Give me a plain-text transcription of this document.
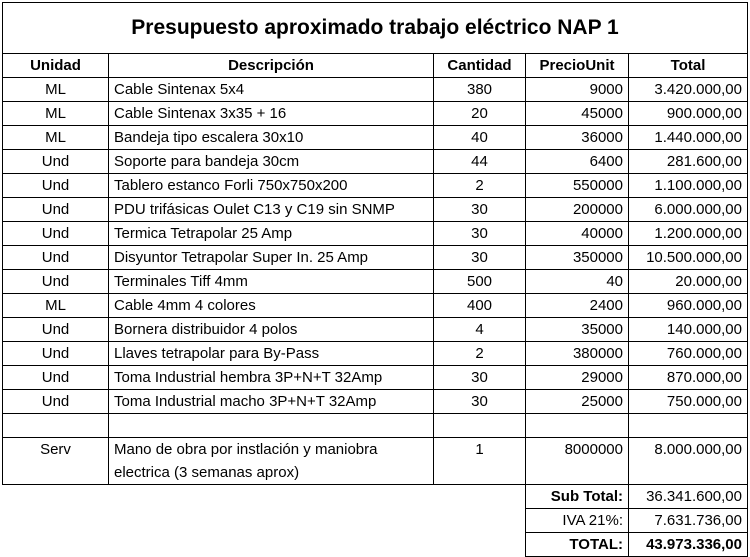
Presupuesto aproximado trabajo eléctrico NAP 1				
Unidad	Descripción	Cantidad	PrecioUnit	Total
ML	Cable Sintenax 5x4	380	9000	3.420.000,00
ML	Cable Sintenax 3x35 + 16	20	45000	900.000,00
ML	Bandeja tipo escalera 30x10	40	36000	1.440.000,00
Und	Soporte para bandeja 30cm	44	6400	281.600,00
Und	Tablero estanco Forli 750x750x200	2	550000	1.100.000,00
Und	PDU trifásicas Oulet C13 y C19 sin SNMP	30	200000	6.000.000,00
Und	Termica Tetrapolar 25 Amp	30	40000	1.200.000,00
Und	Disyuntor Tetrapolar Super In. 25 Amp	30	350000	10.500.000,00
Und	Terminales Tiff 4mm	500	40	20.000,00
ML	Cable 4mm 4 colores	400	2400	960.000,00
Und	Bornera distribuidor 4 polos	4	35000	140.000,00
Und	Llaves tetrapolar para By-Pass	2	380000	760.000,00
Und	Toma Industrial hembra 3P+N+T 32Amp	30	29000	870.000,00
Und	Toma Industrial macho 3P+N+T 32Amp	30	25000	750.000,00

Serv	Mano de obra por instlación y maniobra	1	8000000	8.000.000,00
	electrica (3 semanas aprox)			
			Sub Total:	36.341.600,00
			IVA 21%:	7.631.736,00
			TOTAL:	43.973.336,00
